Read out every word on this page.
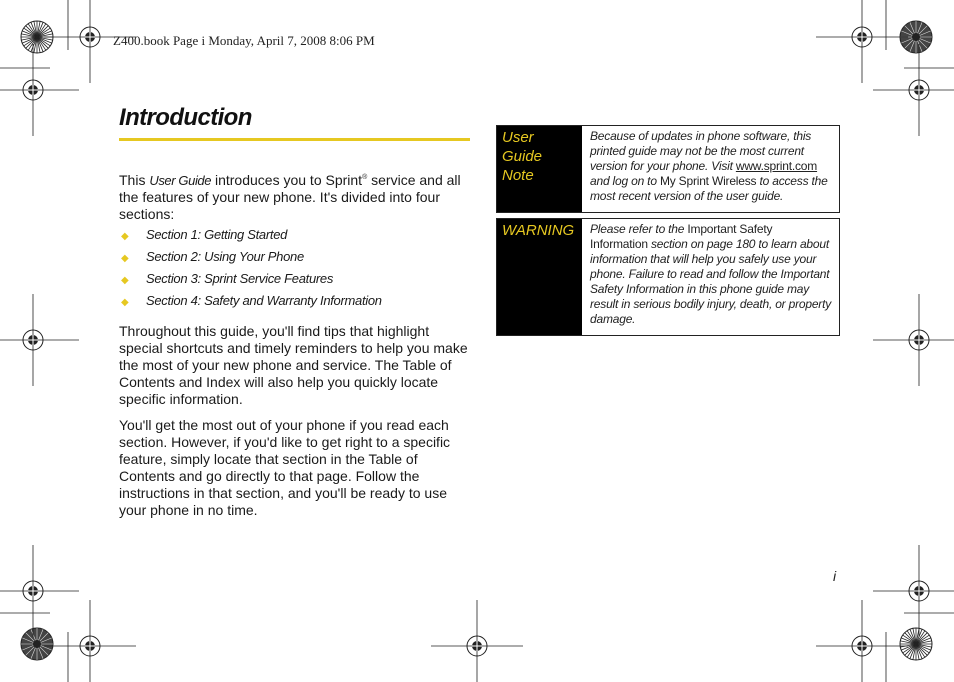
Z400.book Page i Monday, April 7, 2008 8:06 PM
Introduction

This User Guide introduces you to Sprint® service and all the features of your new phone. It's divided into four sections:

◆ Section 1: Getting Started
◆ Section 2: Using Your Phone
◆ Section 3: Sprint Service Features
◆ Section 4: Safety and Warranty Information

Throughout this guide, you'll find tips that highlight special shortcuts and timely reminders to help you make the most of your new phone and service. The Table of Contents and Index will also help you quickly locate specific information.

You'll get the most out of your phone if you read each section. However, if you'd like to get right to a specific feature, simply locate that section in the Table of Contents and go directly to that page. Follow the instructions in that section, and you'll be ready to use your phone in no time.

User
Guide
Note
Because of updates in phone software, this printed guide may not be the most current version for your phone. Visit www.sprint.com and log on to My Sprint Wireless to access the most recent version of the user guide.
WARNING	Please refer to the Important Safety Information section on page 180 to learn about information that will help you safely use your phone. Failure to read and follow the Important Safety Information in this phone guide may result in serious bodily injury, death, or property damage.
i
